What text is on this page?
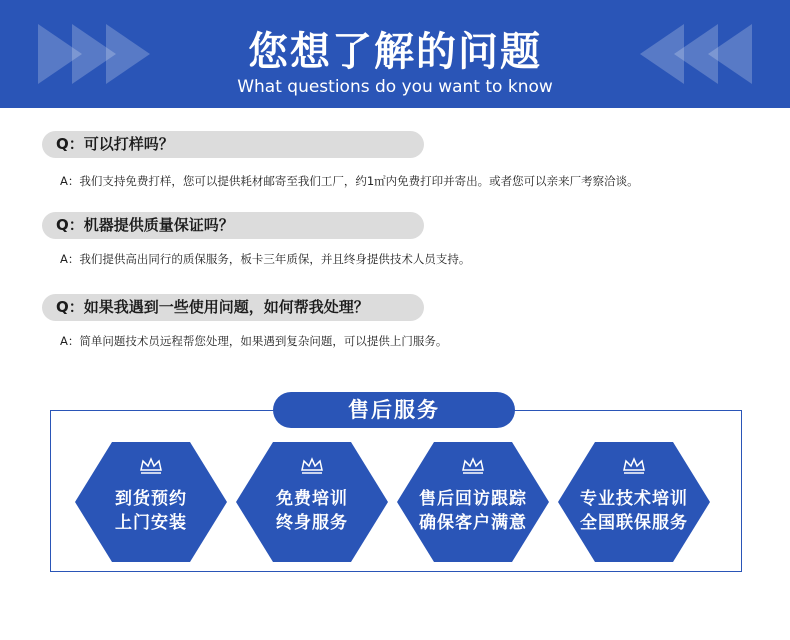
您想了解的问题
What questions do you want to know
Q：可以打样吗？
A：我们支持免费打样，您可以提供耗材邮寄至我们工厂，约1㎡内免费打印并寄出。或者您可以亲来厂考察洽谈。
Q：机器提供质量保证吗？
A：我们提供高出同行的质保服务，板卡三年质保，并且终身提供技术人员支持。
Q：如果我遇到一些使用问题，如何帮我处理？
A：简单问题技术员远程帮您处理，如果遇到复杂问题，可以提供上门服务。
售后服务
到货预约
上门安装
免费培训
终身服务
售后回访跟踪
确保客户满意
专业技术培训
全国联保服务
